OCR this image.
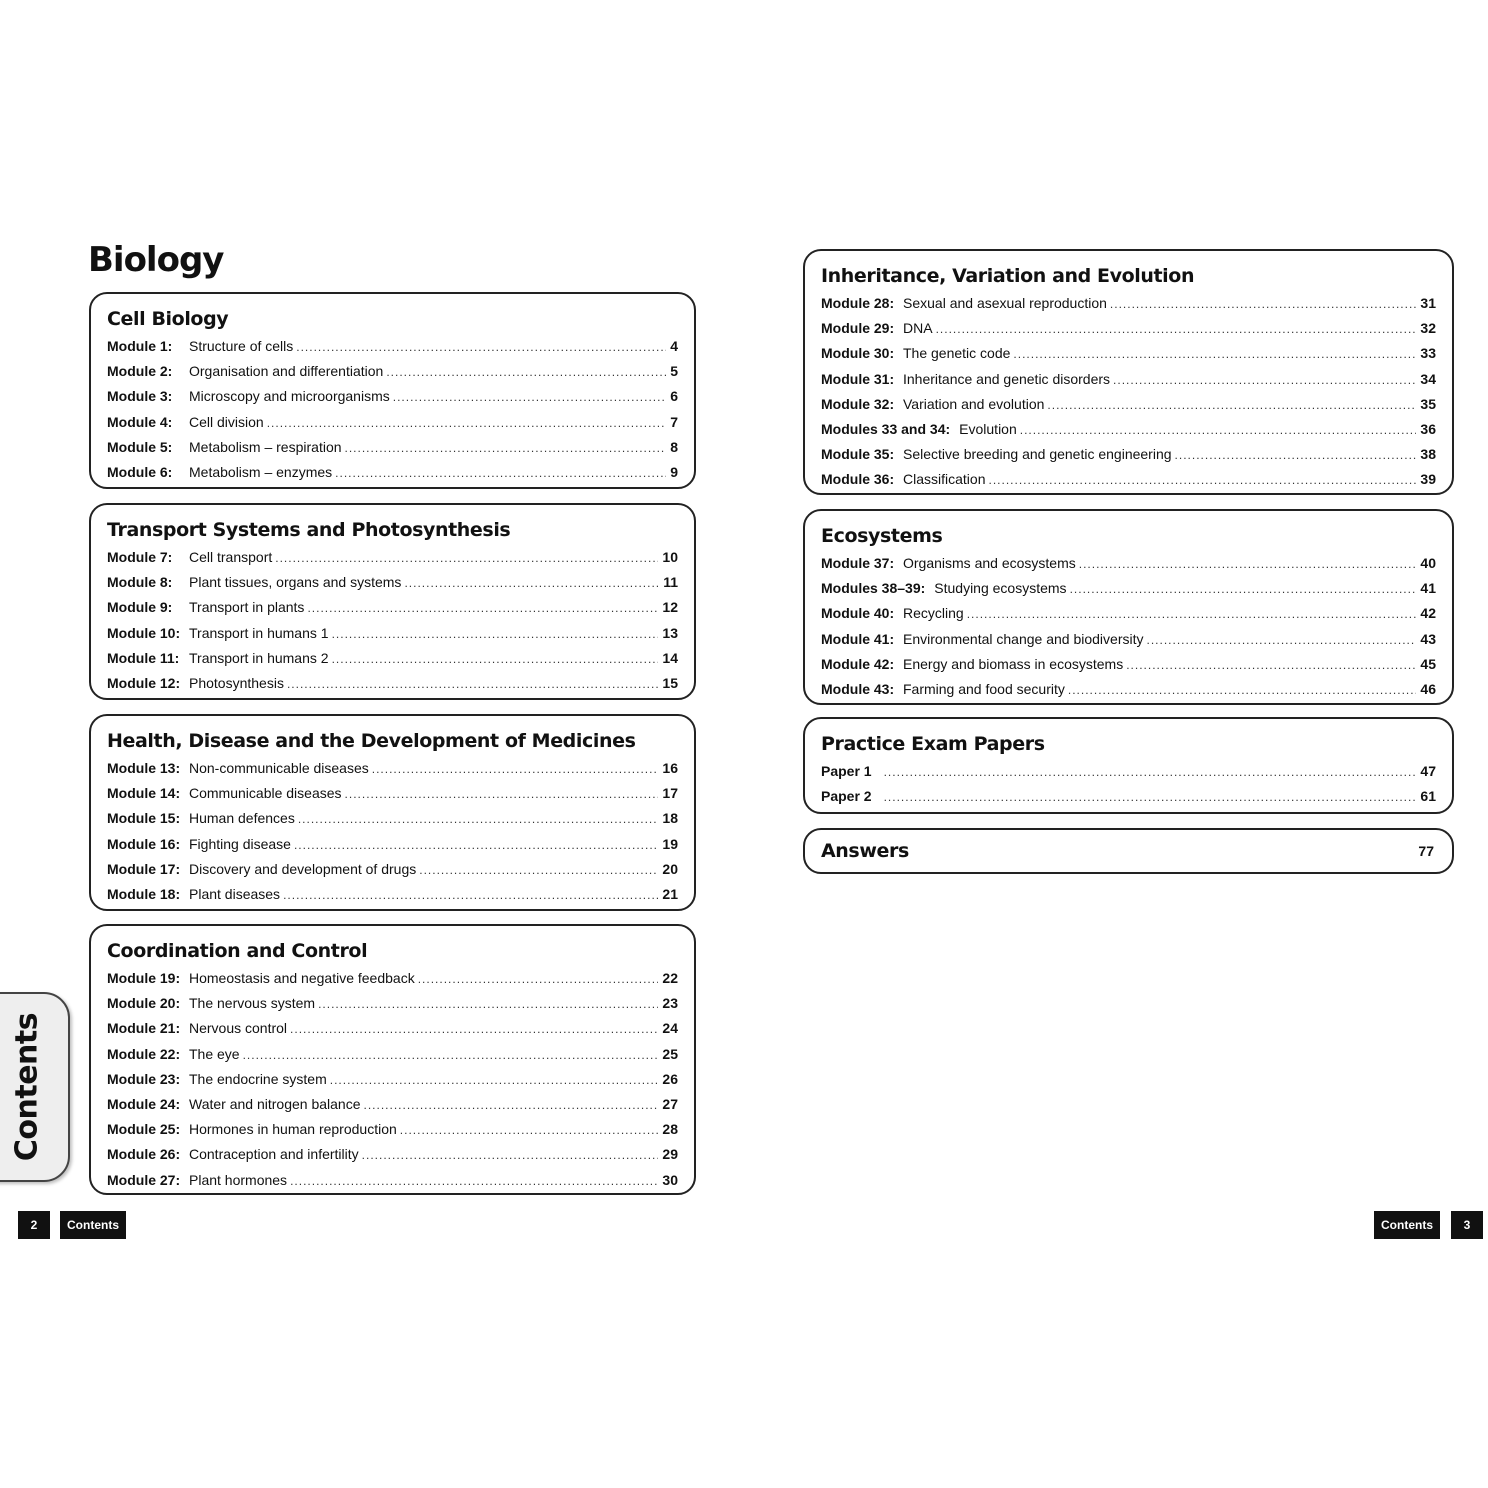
Biology
Cell Biology
Module 1:	Structure of cells .....	4
Module 2:	Organisation and differentiation .....	5
Module 3:	Microscopy and microorganisms .....	6
Module 4:	Cell division .....	7
Module 5:	Metabolism – respiration .....	8
Module 6:	Metabolism – enzymes .....	9
Transport Systems and Photosynthesis
Module 7:	Cell transport .....	10
Module 8:	Plant tissues, organs and systems .....	11
Module 9:	Transport in plants .....	12
Module 10: Transport in humans 1 .....	13
Module 11: Transport in humans 2 .....	14
Module 12: Photosynthesis .....	15
Health, Disease and the Development of Medicines
Module 13: Non-communicable diseases .....	16
Module 14: Communicable diseases .....	17
Module 15: Human defences .....	18
Module 16: Fighting disease .....	19
Module 17: Discovery and development of drugs .....	20
Module 18: Plant diseases .....	21
Coordination and Control
Module 19: Homeostasis and negative feedback .....	22
Module 20: The nervous system .....	23
Module 21: Nervous control .....	24
Module 22: The eye .....	25
Module 23: The endocrine system .....	26
Module 24: Water and nitrogen balance .....	27
Module 25: Hormones in human reproduction .....	28
Module 26: Contraception and infertility .....	29
Module 27: Plant hormones .....	30
Inheritance, Variation and Evolution
Module 28: Sexual and asexual reproduction .....	31
Module 29: DNA .....	32
Module 30: The genetic code .....	33
Module 31: Inheritance and genetic disorders .....	34
Module 32: Variation and evolution .....	35
Modules 33 and 34: Evolution .....	36
Module 35: Selective breeding and genetic engineering .....	38
Module 36: Classification .....	39
Ecosystems
Module 37: Organisms and ecosystems .....	40
Modules 38–39: Studying ecosystems .....	41
Module 40: Recycling .....	42
Module 41: Environmental change and biodiversity .....	43
Module 42: Energy and biomass in ecosystems .....	45
Module 43: Farming and food security .....	46
Practice Exam Papers
Paper 1 .....	47
Paper 2 .....	61
Answers	77
Contents
2	Contents	Contents	3
